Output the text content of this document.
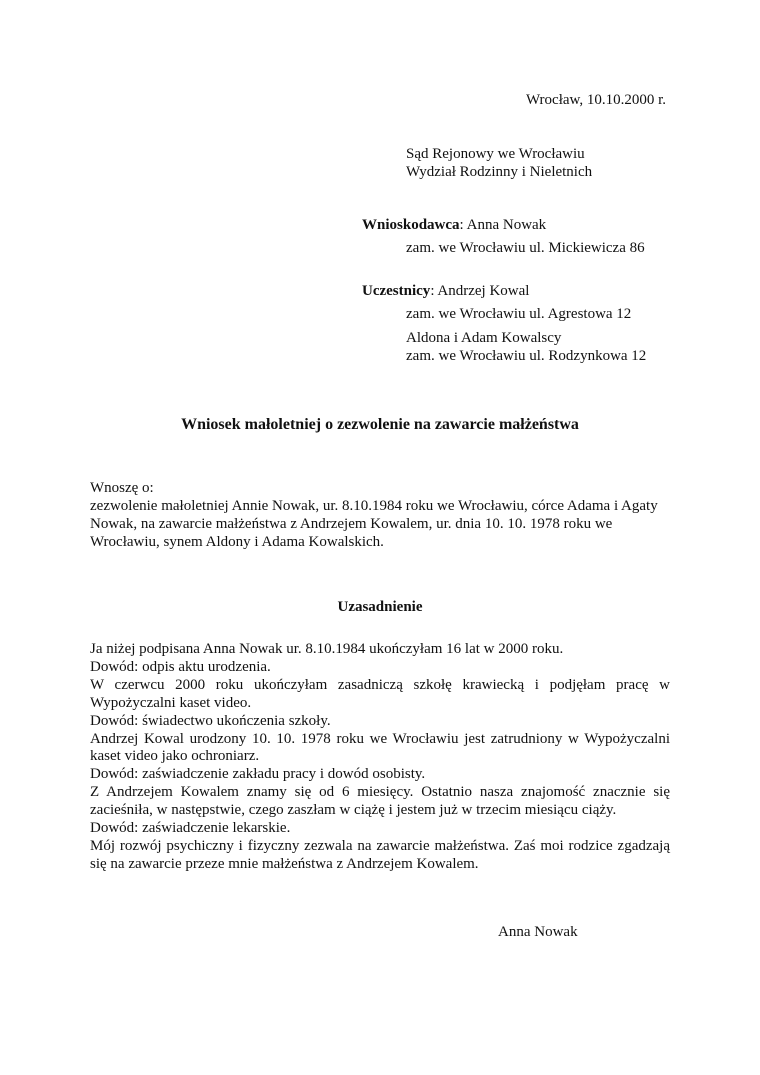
Wrocław, 10.10.2000 r.
Sąd Rejonowy we Wrocławiu
Wydział Rodzinny i Nieletnich
Wnioskodawca: Anna Nowak
zam. we Wrocławiu ul. Mickiewicza 86
Uczestnicy: Andrzej Kowal
zam. we Wrocławiu ul. Agrestowa 12
Aldona i Adam Kowalscy
zam. we Wrocławiu ul. Rodzynkowa 12
Wniosek małoletniej o zezwolenie na zawarcie małżeństwa

Wnoszę o:

zezwolenie małoletniej Annie Nowak, ur. 8.10.1984 roku we Wrocławiu, córce Adama i Agaty Nowak, na zawarcie małżeństwa z Andrzejem Kowalem, ur. dnia 10. 10. 1978 roku we Wrocławiu, synem Aldony i Adama Kowalskich.

Uzasadnienie

Ja niżej podpisana Anna Nowak ur. 8.10.1984 ukończyłam 16 lat w 2000 roku.

Dowód: odpis aktu urodzenia.

W czerwcu 2000 roku ukończyłam zasadniczą szkołę krawiecką i podjęłam pracę w Wypożyczalni kaset video.

Dowód: świadectwo ukończenia szkoły.

Andrzej Kowal urodzony 10. 10. 1978 roku we Wrocławiu jest zatrudniony w Wypożyczalni kaset video jako ochroniarz.

Dowód: zaświadczenie zakładu pracy i dowód osobisty.

Z Andrzejem Kowalem znamy się od 6 miesięcy. Ostatnio nasza znajomość znacznie się zacieśniła, w następstwie, czego zaszłam w ciążę i jestem już w trzecim miesiącu ciąży.

Dowód: zaświadczenie lekarskie.

Mój rozwój psychiczny i fizyczny zezwala na zawarcie małżeństwa. Zaś moi rodzice zgadzają się na zawarcie przeze mnie małżeństwa z Andrzejem Kowalem.

Anna Nowak
